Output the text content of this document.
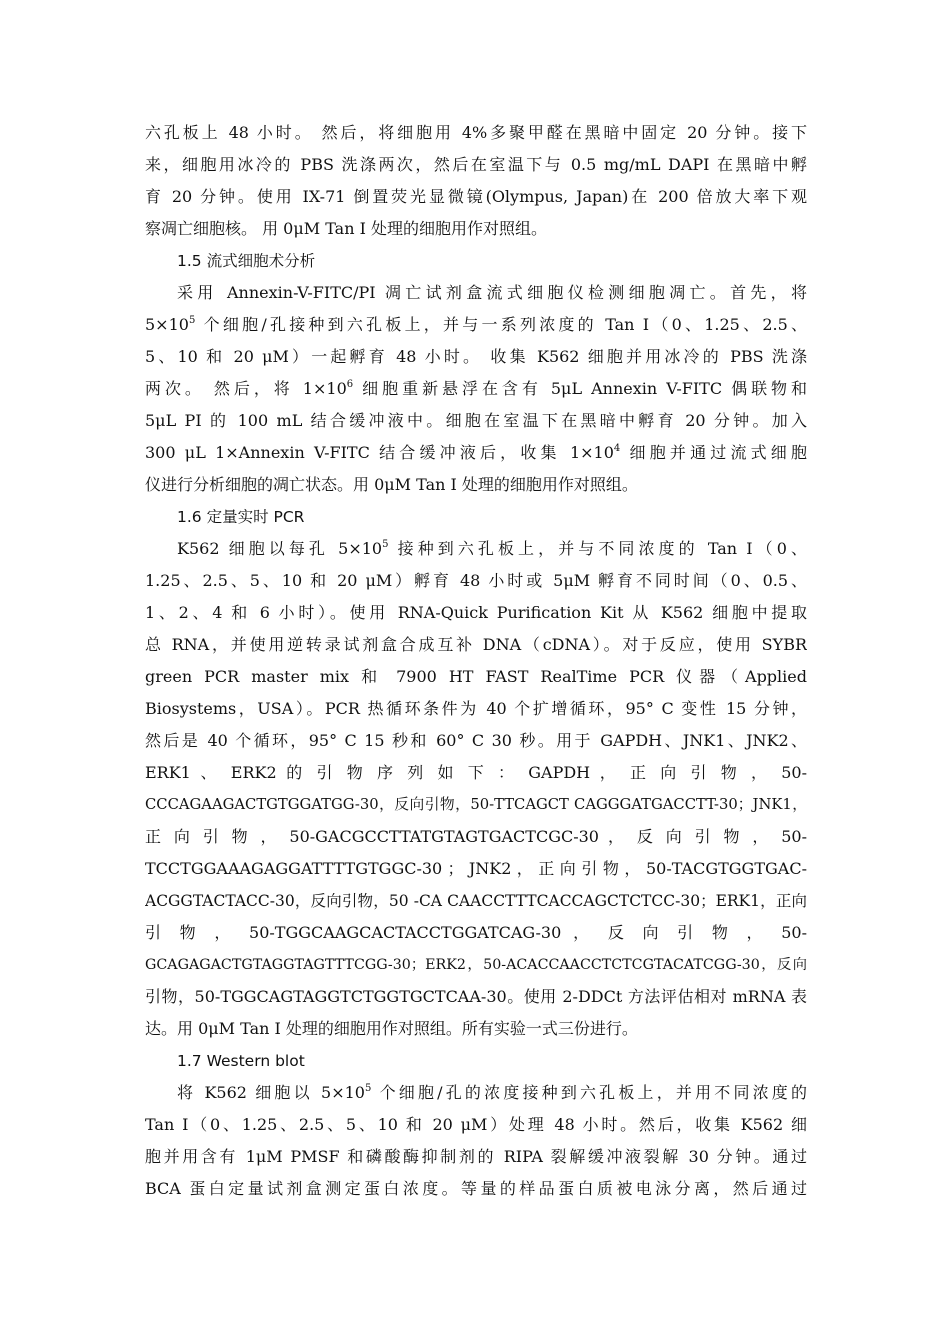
六孔板上 48 小时。 然后，将细胞用 4%多聚甲醛在黑暗中固定 20 分钟。接下
来，细胞用冰冷的 PBS 洗涤两次，然后在室温下与 0.5 mg/mL DAPI 在黑暗中孵
育 20 分钟。使用 IX-71 倒置荧光显微镜(Olympus, Japan)在 200 倍放大率下观
察凋亡细胞核。 用 0μM Tan I 处理的细胞用作对照组。
1.5 流式细胞术分析
采用 Annexin-V-FITC/PI 凋亡试剂盒流式细胞仪检测细胞凋亡。首先，将
$5\times 10^5$ 个细胞/孔接种到六孔板上，并与一系列浓度的 Tan I（0、1.25、2.5、
5、10 和 20 μM）一起孵育 48 小时。 收集 K562 细胞并用冰冷的 PBS 洗涤
两次。 然后，将 $1\times 10^6$ 细胞重新悬浮在含有 5μL Annexin V-FITC 偶联物和
5μL PI 的 100 mL 结合缓冲液中。细胞在室温下在黑暗中孵育 20 分钟。加入
300 μL 1×Annexin V-FITC 结合缓冲液后，收集 $1\times 10^4$ 细胞并通过流式细胞
仪进行分析细胞的凋亡状态。用 0μM Tan I 处理的细胞用作对照组。
1.6 定量实时 PCR
K562 细胞以每孔 $5\times 10^5$ 接种到六孔板上，并与不同浓度的 Tan I（0、
1.25、2.5、5、10 和 20 μM）孵育 48 小时或 5μM 孵育不同时间（0、0.5、
1、2、4 和 6 小时）。使用 RNA-Quick Purification Kit 从 K562 细胞中提取
总 RNA，并使用逆转录试剂盒合成互补 DNA（cDNA）。对于反应，使用 SYBR
green PCR master mix 和 7900 HT FAST RealTime PCR 仪器（Applied
Biosystems，USA）。PCR 热循环条件为 40 个扩增循环，95° C 变性 15 分钟，
然后是 40 个循环，95° C 15 秒和 60° C 30 秒。用于 GAPDH、JNK1、JNK2、
ERK1 、 ERK2 的 引 物 序 列 如 下 ： GAPDH ， 正 向 引 物 ， 50-
CCCAGAAGACTGTGGATGG-30，反向引物，50-TTCAGCT CAGGGATGACCTT-30；JNK1，
正 向 引 物 ， 50-GACGCCTTATGTAGTGACTCGC-30 ， 反 向 引 物 ， 50-
TCCTGGAAAGAGGATTTTGTGGC-30 ； JNK2 ， 正 向 引 物 ， 50-TACGTGGTGAC-
ACGGTACTACC-30，反向引物，50 -CA CAACCTTTCACCAGCTCTCC-30；ERK1，正向
引 物 ， 50-TGGCAAGCACTACCTGGATCAG-30 ， 反 向 引 物 ， 50-
GCAGAGACTGTAGGTAGTTTCGG-30；ERK2，50-ACACCAACCTCTCGTACATCGG-30，反向
引物，50-TGGCAGTAGGTCTGGTGCTCAA-30。使用 2-DDCt 方法评估相对 mRNA 表
达。用 0μM Tan I 处理的细胞用作对照组。所有实验一式三份进行。
1.7 Western blot
将 K562 细胞以 $5\times 10^5$ 个细胞/孔的浓度接种到六孔板上，并用不同浓度的
Tan I（0、1.25、2.5、5、10 和 20 μM）处理 48 小时。然后，收集 K562 细
胞并用含有 1μM PMSF 和磷酸酶抑制剂的 RIPA 裂解缓冲液裂解 30 分钟。通过
BCA 蛋白定量试剂盒测定蛋白浓度。等量的样品蛋白质被电泳分离，然后通过
